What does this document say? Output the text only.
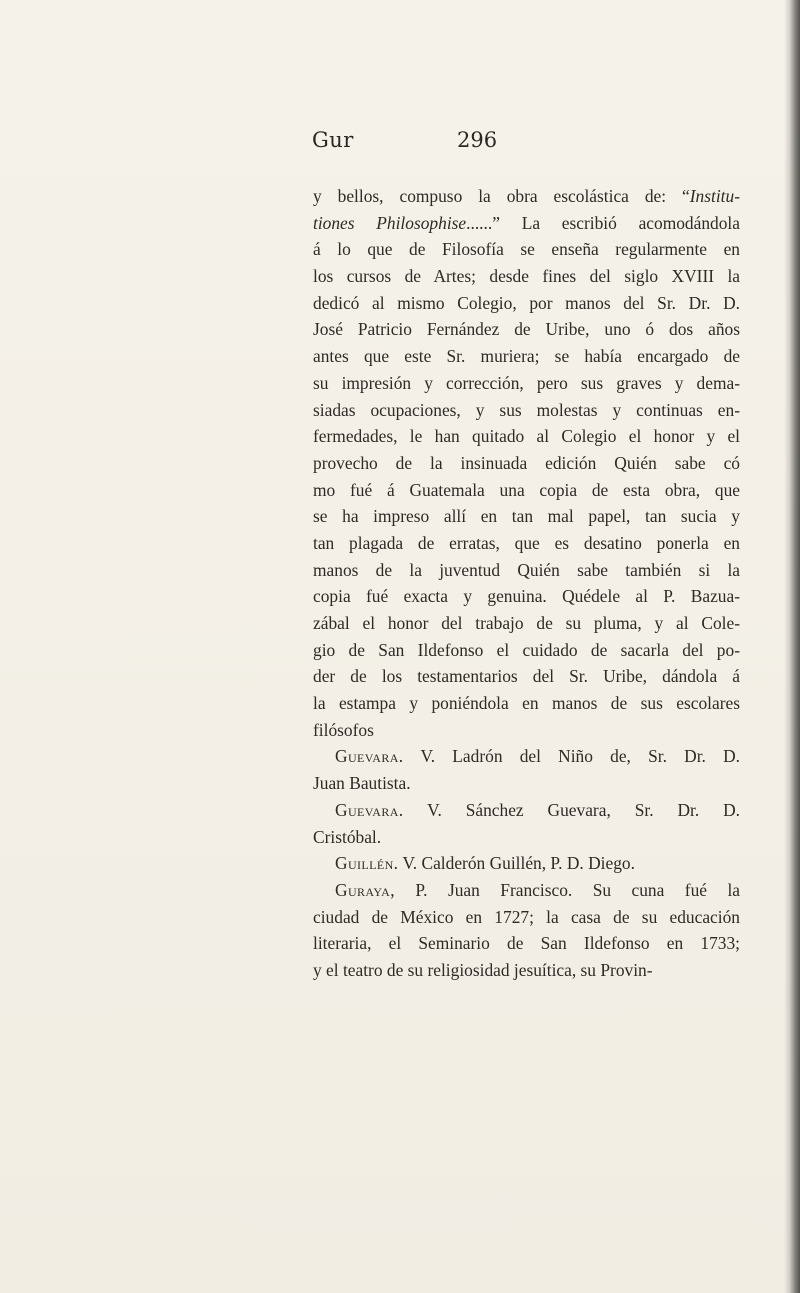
Gur	296
y bellos, compuso la obra escolástica de: “Institu-
tiones Philosophise......” La escribió acomodándola
á lo que de Filosofía se enseña regularmente en
los cursos de Artes; desde fines del siglo XVIII la
dedicó al mismo Colegio, por manos del Sr. Dr. D.
José Patricio Fernández de Uribe, uno ó dos años
antes que este Sr. muriera; se había encargado de
su impresión y corrección, pero sus graves y dema-
siadas ocupaciones, y sus molestas y continuas en-
fermedades, le han quitado al Colegio el honor y el
provecho de la insinuada edición Quién sabe có
mo fué á Guatemala una copia de esta obra, que
se ha impreso allí en tan mal papel, tan sucia y
tan plagada de erratas, que es desatino ponerla en
manos de la juventud Quién sabe también si la
copia fué exacta y genuina. Quédele al P. Bazua-
zábal el honor del trabajo de su pluma, y al Cole-
gio de San Ildefonso el cuidado de sacarla del po-
der de los testamentarios del Sr. Uribe, dándola á
la estampa y poniéndola en manos de sus escolares
filósofos
Guevara. V. Ladrón del Niño de, Sr. Dr. D.
Juan Bautista.
Guevara. V. Sánchez Guevara, Sr. Dr. D.
Cristóbal.
Guillén. V. Calderón Guillén, P. D. Diego.
Guraya, P. Juan Francisco. Su cuna fué la
ciudad de México en 1727; la casa de su educación
literaria, el Seminario de San Ildefonso en 1733;
y el teatro de su religiosidad jesuítica, su Provin-
